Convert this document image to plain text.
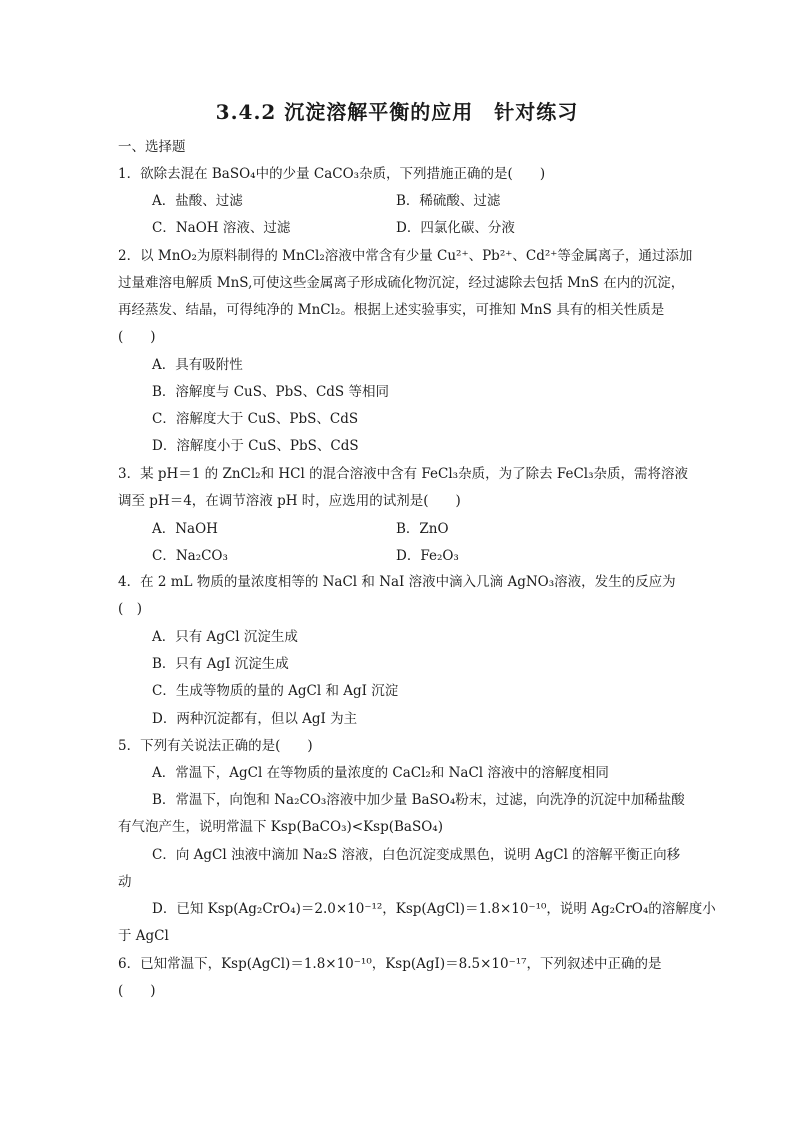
3.4.2 沉淀溶解平衡的应用　针对练习
一、选择题
1．欲除去混在 BaSO₄中的少量 CaCO₃杂质，下列措施正确的是(　　)
A．盐酸、过滤	B．稀硫酸、过滤
C．NaOH 溶液、过滤	D．四氯化碳、分液
2．以 MnO₂为原料制得的 MnCl₂溶液中常含有少量 Cu²⁺、Pb²⁺、Cd²⁺等金属离子，通过添加
过量难溶电解质 MnS,可使这些金属离子形成硫化物沉淀，经过滤除去包括 MnS 在内的沉淀，
再经蒸发、结晶，可得纯净的 MnCl₂。根据上述实验事实，可推知 MnS 具有的相关性质是
(　　)
A．具有吸附性
B．溶解度与 CuS、PbS、CdS 等相同
C．溶解度大于 CuS、PbS、CdS
D．溶解度小于 CuS、PbS、CdS
3．某 pH＝1 的 ZnCl₂和 HCl 的混合溶液中含有 FeCl₃杂质，为了除去 FeCl₃杂质，需将溶液
调至 pH＝4，在调节溶液 pH 时，应选用的试剂是(　　)
A．NaOH	B．ZnO
C．Na₂CO₃	D．Fe₂O₃
4．在 2 mL 物质的量浓度相等的 NaCl 和 NaI 溶液中滴入几滴 AgNO₃溶液，发生的反应为
(　)
A．只有 AgCl 沉淀生成
B．只有 AgI 沉淀生成
C．生成等物质的量的 AgCl 和 AgI 沉淀
D．两种沉淀都有，但以 AgI 为主
5．下列有关说法正确的是(　　)
A．常温下，AgCl 在等物质的量浓度的 CaCl₂和 NaCl 溶液中的溶解度相同
B．常温下，向饱和 Na₂CO₃溶液中加少量 BaSO₄粉末，过滤，向洗净的沉淀中加稀盐酸
有气泡产生，说明常温下 Ksp(BaCO₃)<Ksp(BaSO₄)
C．向 AgCl 浊液中滴加 Na₂S 溶液，白色沉淀变成黑色，说明 AgCl 的溶解平衡正向移
动
D．已知 Ksp(Ag₂CrO₄)＝2.0×10⁻¹²，Ksp(AgCl)＝1.8×10⁻¹⁰，说明 Ag₂CrO₄的溶解度小
于 AgCl
6．已知常温下，Ksp(AgCl)＝1.8×10⁻¹⁰，Ksp(AgI)＝8.5×10⁻¹⁷，下列叙述中正确的是
(　　)
